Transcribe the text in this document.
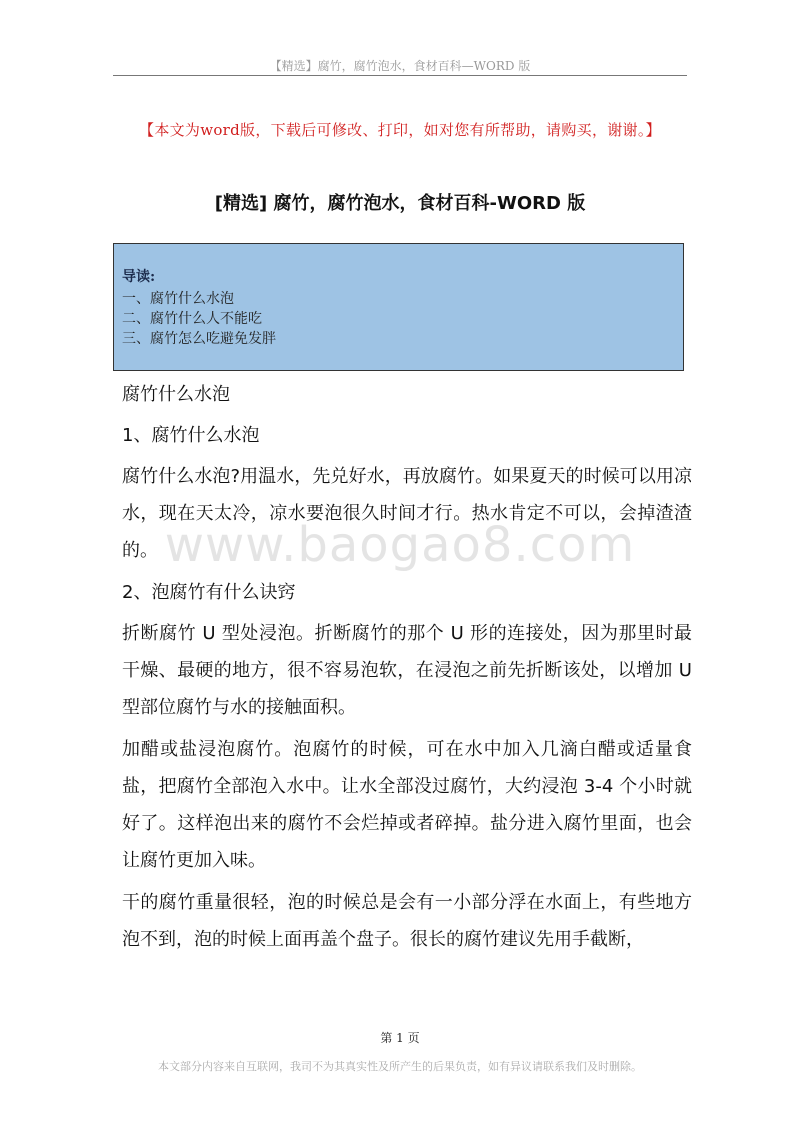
【精选】腐竹，腐竹泡水，食材百科—WORD 版
【本文为word版，下载后可修改、打印，如对您有所帮助，请购买，谢谢。】
[精选] 腐竹，腐竹泡水，食材百科-WORD 版
导读:
一、腐竹什么水泡
二、腐竹什么人不能吃
三、腐竹怎么吃避免发胖

腐竹什么水泡

1、腐竹什么水泡

腐竹什么水泡?用温水，先兑好水，再放腐竹。如果夏天的时候可以用凉水，现在天太冷，凉水要泡很久时间才行。热水肯定不可以，会掉渣渣的。

2、泡腐竹有什么诀窍

折断腐竹 U 型处浸泡。折断腐竹的那个 U 形的连接处，因为那里时最干燥、最硬的地方，很不容易泡软，在浸泡之前先折断该处，以增加 U 型部位腐竹与水的接触面积。

加醋或盐浸泡腐竹。泡腐竹的时候，可在水中加入几滴白醋或适量食盐，把腐竹全部泡入水中。让水全部没过腐竹，大约浸泡 3-4 个小时就好了。这样泡出来的腐竹不会烂掉或者碎掉。盐分进入腐竹里面，也会让腐竹更加入味。

干的腐竹重量很轻，泡的时候总是会有一小部分浮在水面上，有些地方泡不到，泡的时候上面再盖个盘子。很长的腐竹建议先用手截断，

www.baogao8.com
第 1 页
本文部分内容来自互联网，我司不为其真实性及所产生的后果负责，如有异议请联系我们及时删除。
